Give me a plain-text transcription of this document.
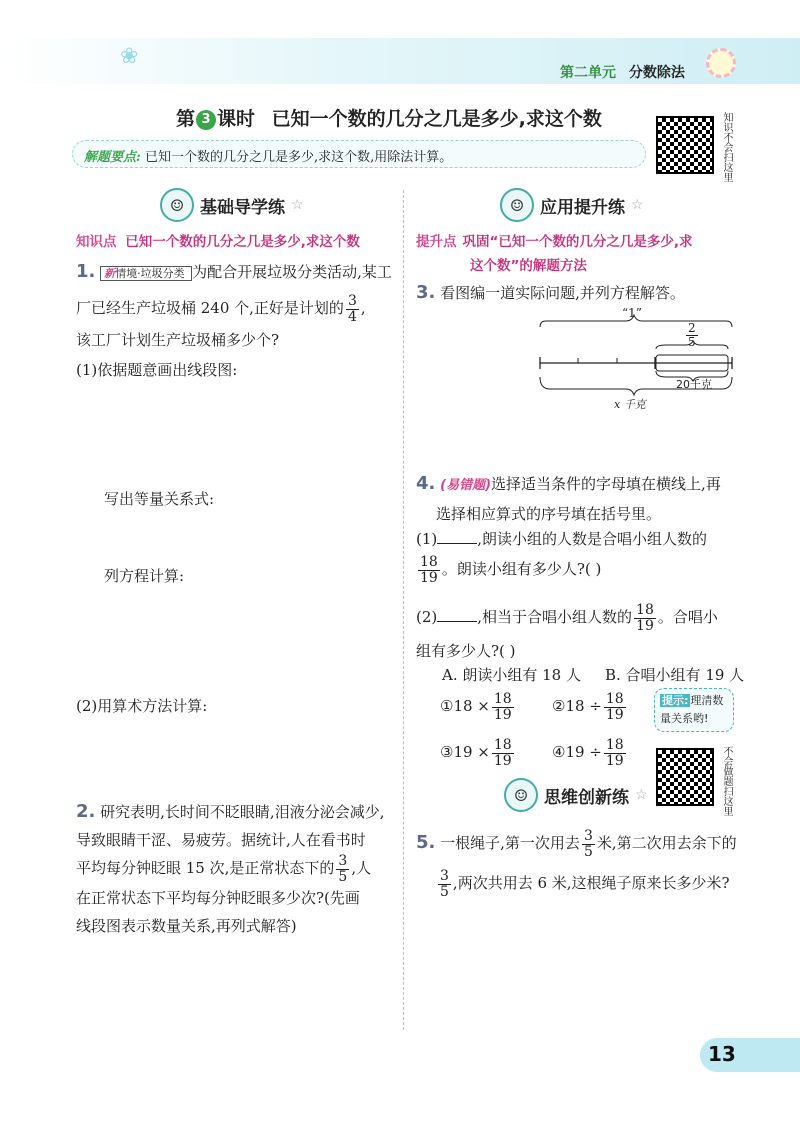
第二单元 分数除法
❀
第 3 课时 已知一个数的几分之几是多少,求这个数
解题要点: 已知一个数的几分之几是多少,求这个数,用除法计算。	知识不会扫这里
☺ 基础导学练 ☆
知识点 已知一个数的几分之几是多少,求这个数
1. 新情境·垃圾分类 为配合开展垃圾分类活动,某工
厂已经生产垃圾桶 240 个,正好是计划的 $\frac{3}{4}$ ,
该工厂计划生产垃圾桶多少个?
(1)依据题意画出线段图:
写出等量关系式:
列方程计算:
(2)用算术方法计算:
2. 研究表明,长时间不眨眼睛,泪液分泌会减少,
导致眼睛干涩、易疲劳。据统计,人在看书时
平均每分钟眨眼 15 次,是正常状态下的 $\frac{3}{5}$ ,人
在正常状态下平均每分钟眨眼多少次?(先画
线段图表示数量关系,再列式解答)
☺ 应用提升练 ☆
提升点 巩固“已知一个数的几分之几是多少,求
这个数”的解题方法
3. 看图编一道实际问题,并列方程解答。
“1”
$\frac{2}{5}$
20千克
x 千克
4. (易错题)选择适当条件的字母填在横线上,再
选择相应算式的序号填在括号里。
(1)	,朗读小组的人数是合唱小组人数的
$\frac{18}{19}$ 。朗读小组有多少人?( )
(2)	,相当于合唱小组人数的 $\frac{18}{19}$ 。合唱小
组有多少人?( )
A. 朗读小组有 18 人 B. 合唱小组有 19 人
①18 × $\frac{18}{19}$	②18 ÷ $\frac{18}{19}$
③19 × $\frac{18}{19}$	④19 ÷ $\frac{18}{19}$
提示: 理清数
量关系哟!
不会做题扫这里
☺ 思维创新练 ☆
5. 一根绳子,第一次用去 $\frac{3}{5}$ 米,第二次用去余下的
$\frac{3}{5}$ ,两次共用去 6 米,这根绳子原来长多少米?
13
